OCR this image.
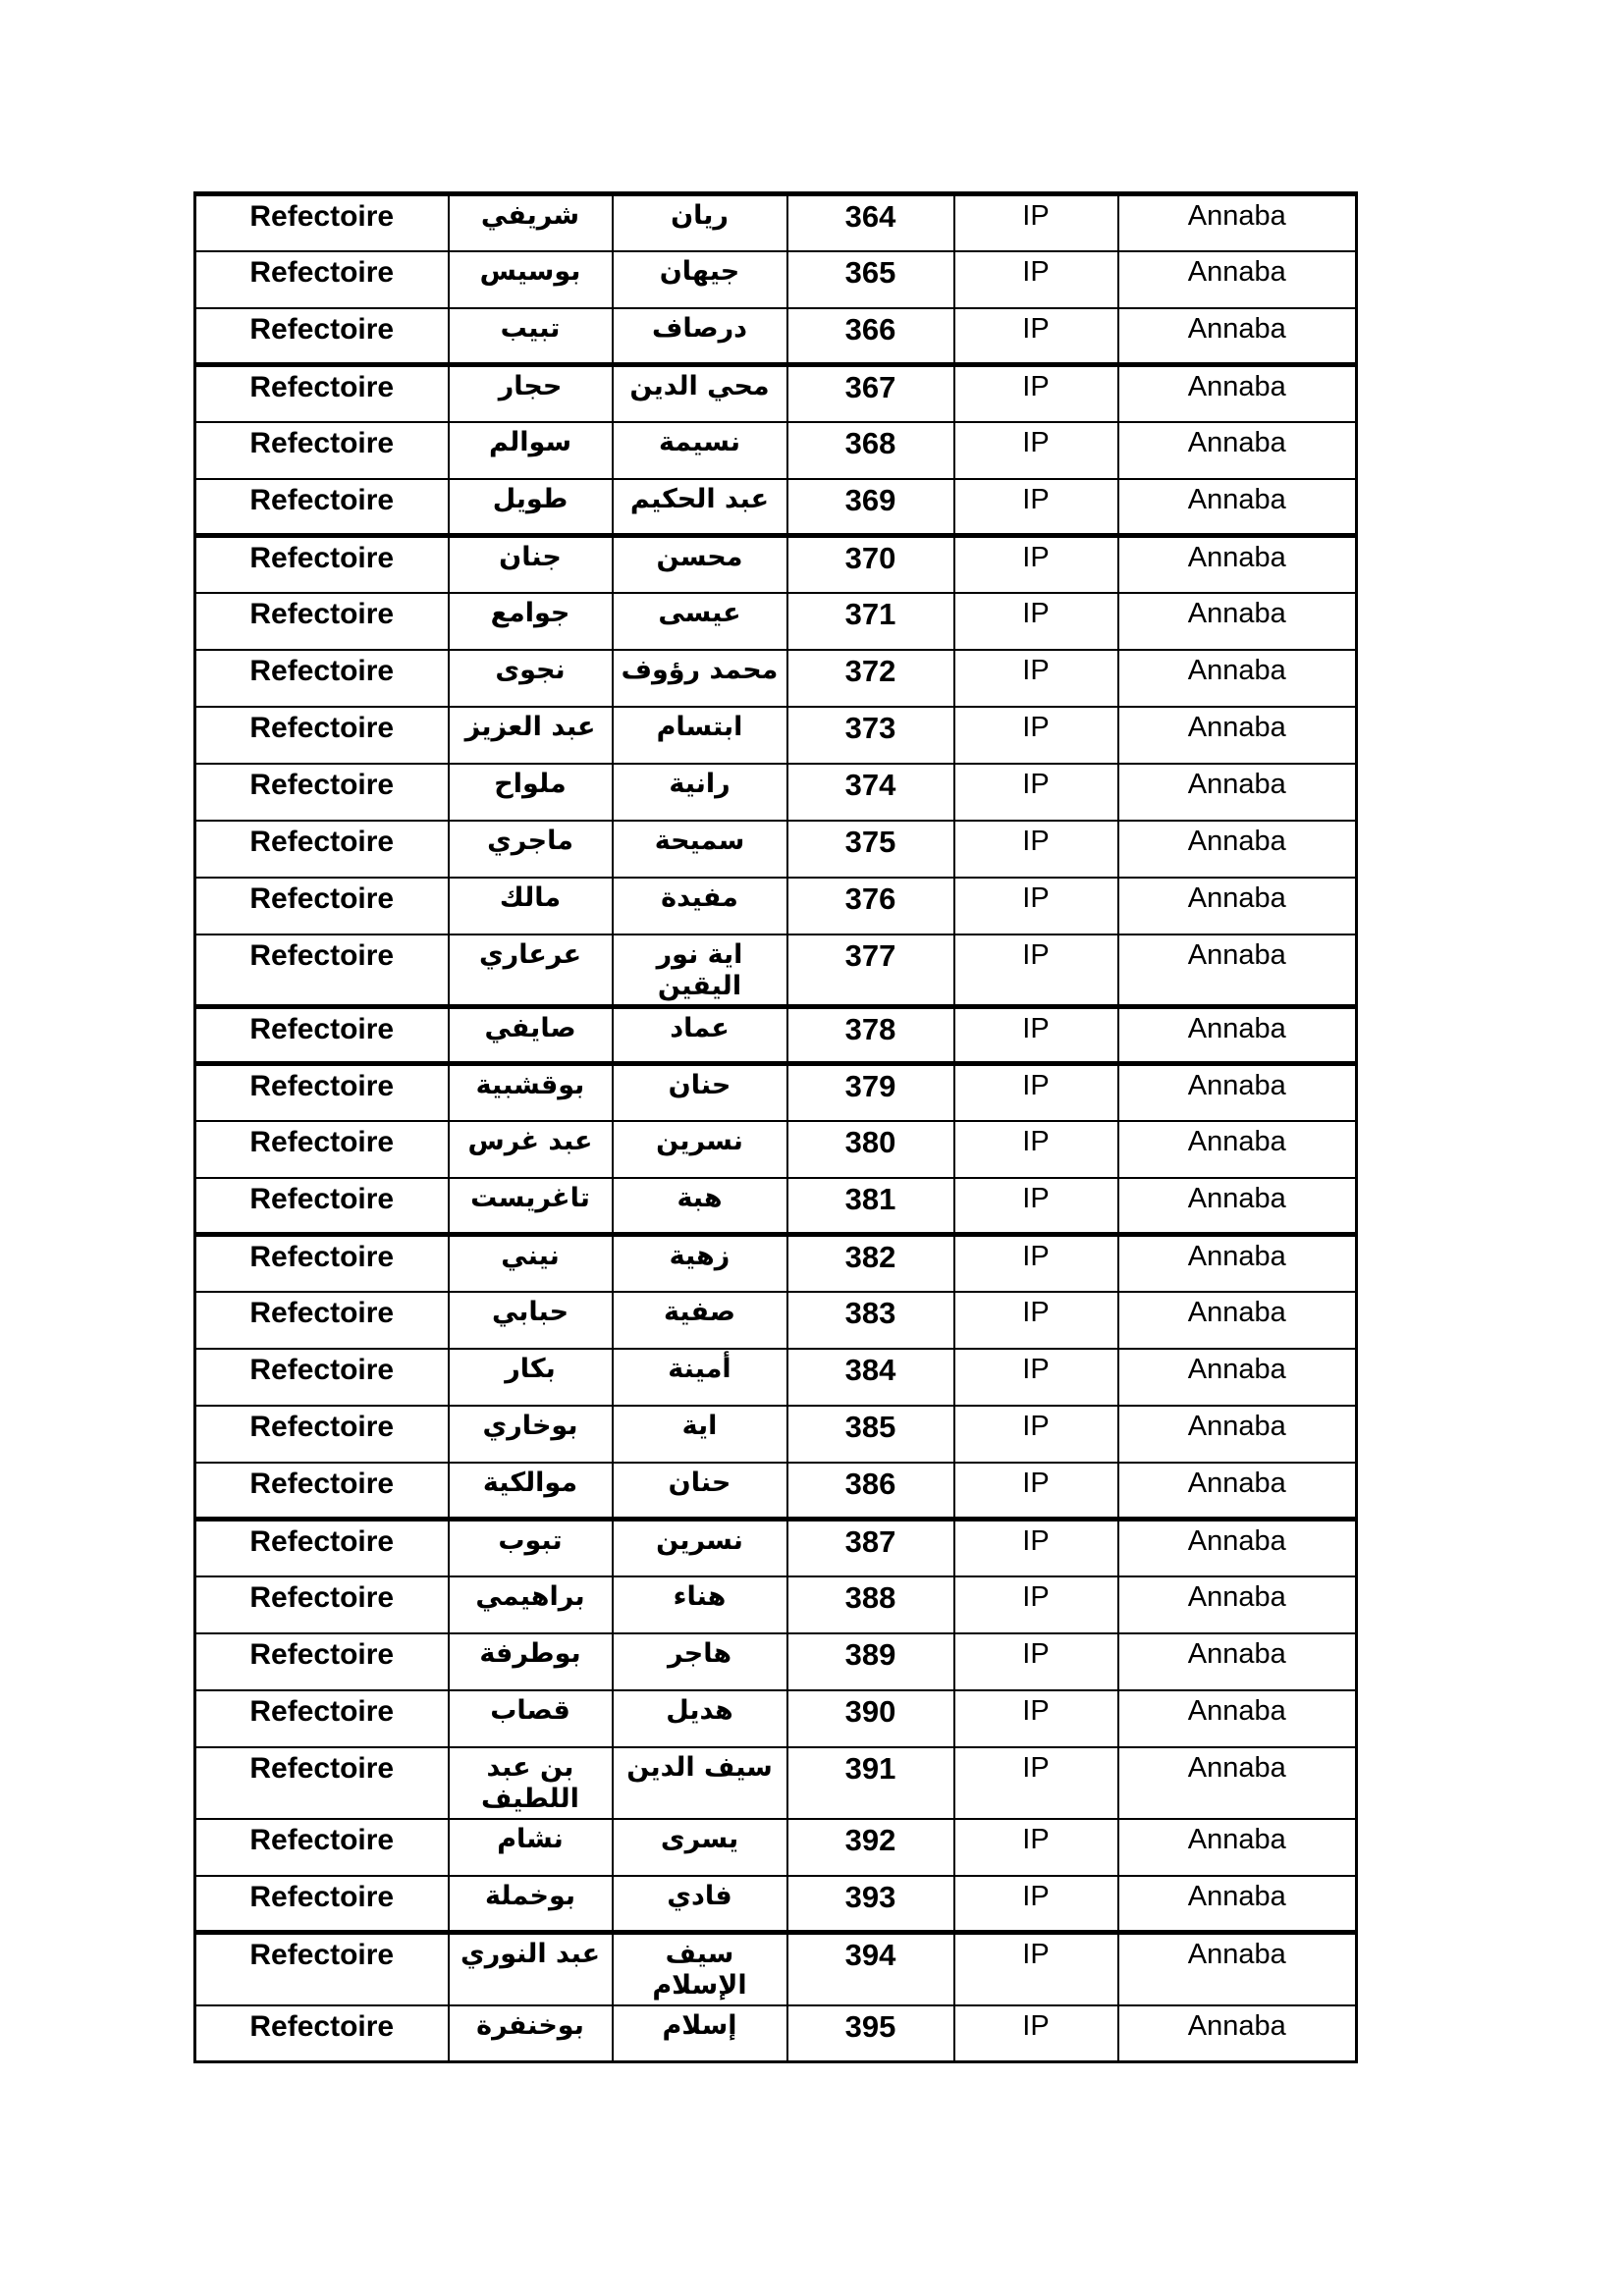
Refectoire	شريفي	ريان	364	IP	Annaba
Refectoire	بوسيس	جيهان	365	IP	Annaba
Refectoire	تبيب	درصاف	366	IP	Annaba
Refectoire	حجار	محي الدين	367	IP	Annaba
Refectoire	سوالم	نسيمة	368	IP	Annaba
Refectoire	طويل	عبد الحكيم	369	IP	Annaba
Refectoire	جنان	محسن	370	IP	Annaba
Refectoire	جوامع	عيسى	371	IP	Annaba
Refectoire	نجوى	محمد رؤوف	372	IP	Annaba
Refectoire	عبد العزيز	ابتسام	373	IP	Annaba
Refectoire	ملواح	رانية	374	IP	Annaba
Refectoire	ماجري	سميحة	375	IP	Annaba
Refectoire	مالك	مفيدة	376	IP	Annaba
Refectoire	عرعاري	اية نور اليقين	377	IP	Annaba
Refectoire	صايفي	عماد	378	IP	Annaba
Refectoire	بوقشبية	حنان	379	IP	Annaba
Refectoire	عبد غرس	نسرين	380	IP	Annaba
Refectoire	تاغريست	هبة	381	IP	Annaba
Refectoire	نيني	زهية	382	IP	Annaba
Refectoire	حبابي	صفية	383	IP	Annaba
Refectoire	بكار	أمينة	384	IP	Annaba
Refectoire	بوخاري	اية	385	IP	Annaba
Refectoire	موالكية	حنان	386	IP	Annaba
Refectoire	تبوب	نسرين	387	IP	Annaba
Refectoire	براهيمي	هناء	388	IP	Annaba
Refectoire	بوطرفة	هاجر	389	IP	Annaba
Refectoire	قصاب	هديل	390	IP	Annaba
Refectoire	بن عبد اللطيف	سيف الدين	391	IP	Annaba
Refectoire	نشام	يسرى	392	IP	Annaba
Refectoire	بوخملة	فادي	393	IP	Annaba
Refectoire	عبد النوري	سيف الإسلام	394	IP	Annaba
Refectoire	بوخنفرة	إسلام	395	IP	Annaba
